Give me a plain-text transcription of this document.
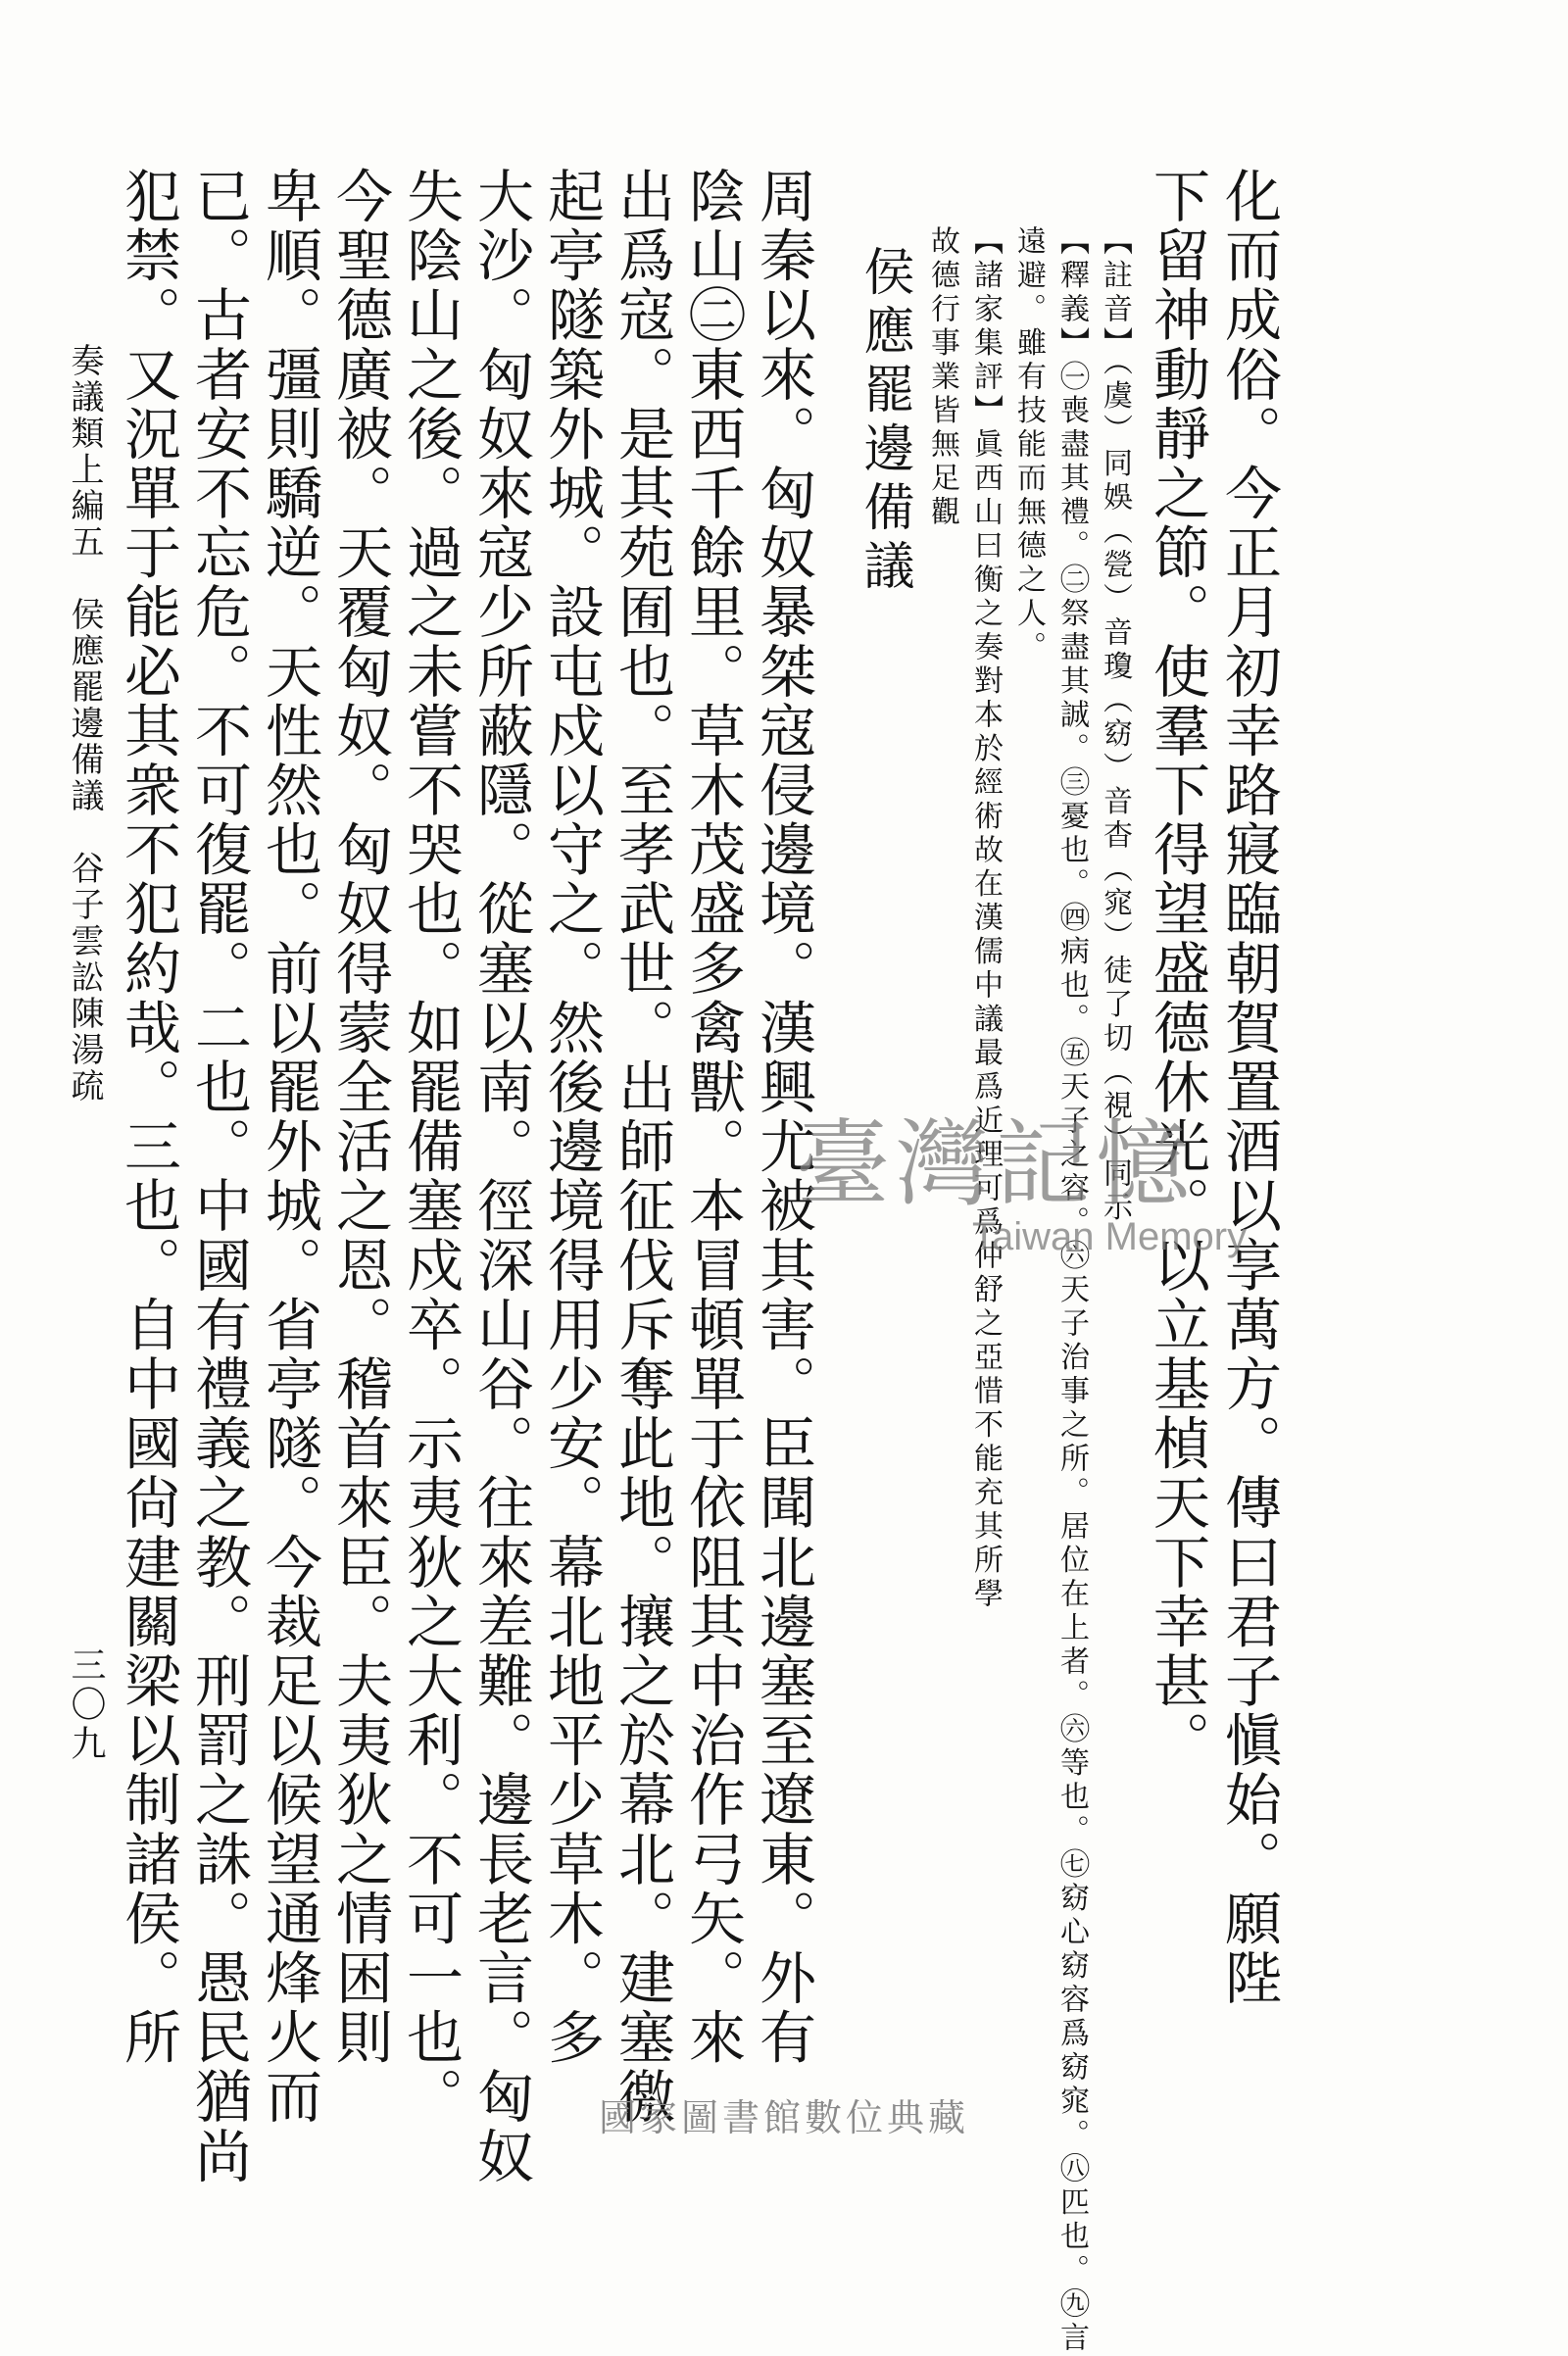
化而成俗。今正月初幸路寢臨朝賀置酒以享萬方。傳曰君子愼始。願陛
下留神動靜之節。使羣下得望盛德休光。以立基楨天下幸甚。
【註音】（虞）同娛（甇）音瓊（窈）音杳（窕）徒了切（視）同示
【釋義】㊀喪盡其禮。㊁祭盡其誠。㊂憂也。㊃病也。㊄天子之容。㊅天子治事之所。居位在上者。㊅等也。㊆窈心窈容爲窈窕。㊇匹也。㊈言
遠避。雖有技能而無德之人。
【諸家集評】眞西山曰衡之奏對本於經術故在漢儒中議最爲近理可爲仲舒之亞惜不能充其所學
故德行事業皆無足觀
侯應罷邊備議
周秦以來。匈奴暴桀寇侵邊境。漢興尤被其害。臣聞北邊塞至遼東。外有
陰山㊁東西千餘里。草木茂盛多禽獸。本冒頓單于依阻其中治作弓矢。來
出爲寇。是其苑囿也。至孝武世。出師征伐斥奪此地。攘之於幕北。建塞徼
起亭隧築外城。設屯戍以守之。然後邊境得用少安。幕北地平少草木。多
大沙。匈奴來寇少所蔽隱。從塞以南。徑深山谷。往來差難。邊長老言。匈奴
失陰山之後。過之未嘗不哭也。如罷備塞戍卒。示夷狄之大利。不可一也。
今聖德廣被。天覆匈奴。匈奴得蒙全活之恩。稽首來臣。夫夷狄之情困則
卑順。彊則驕逆。天性然也。前以罷外城。省亭隧。今裁足以候望通烽火而
已。古者安不忘危。不可復罷。二也。中國有禮義之教。刑罰之誅。愚民猶尚
犯禁。又況單于能必其衆不犯約哉。三也。自中國尙建關梁以制諸侯。所
奏議類上編五　侯應罷邊備議　谷子雲訟陳湯疏
三〇九
臺灣記憶
Taiwan Memory
國家圖書館數位典藏
